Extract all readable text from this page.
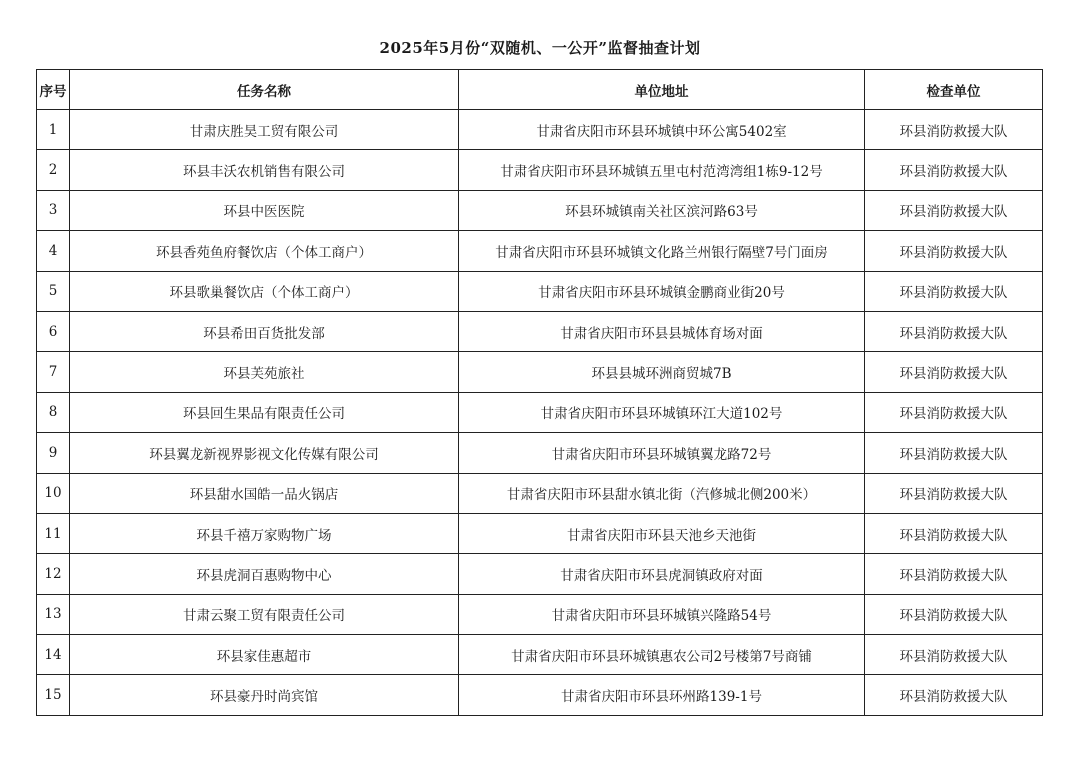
2025年5月份“双随机、一公开”监督抽查计划
序号	任务名称	单位地址	检查单位
1	甘肃庆胜昊工贸有限公司	甘肃省庆阳市环县环城镇中环公寓5402室	环县消防救援大队
2	环县丰沃农机销售有限公司	甘肃省庆阳市环县环城镇五里屯村范湾湾组1栋9-12号	环县消防救援大队
3	环县中医医院	环县环城镇南关社区滨河路63号	环县消防救援大队
4	环县香苑鱼府餐饮店（个体工商户）	甘肃省庆阳市环县环城镇文化路兰州银行隔壁7号门面房	环县消防救援大队
5	环县歌巢餐饮店（个体工商户）	甘肃省庆阳市环县环城镇金鹏商业街20号	环县消防救援大队
6	环县希田百货批发部	甘肃省庆阳市环县县城体育场对面	环县消防救援大队
7	环县芙苑旅社	环县县城环洲商贸城7B	环县消防救援大队
8	环县回生果品有限责任公司	甘肃省庆阳市环县环城镇环江大道102号	环县消防救援大队
9	环县翼龙新视界影视文化传媒有限公司	甘肃省庆阳市环县环城镇翼龙路72号	环县消防救援大队
10	环县甜水国皓一品火锅店	甘肃省庆阳市环县甜水镇北街（汽修城北侧200米）	环县消防救援大队
11	环县千禧万家购物广场	甘肃省庆阳市环县天池乡天池街	环县消防救援大队
12	环县虎洞百惠购物中心	甘肃省庆阳市环县虎洞镇政府对面	环县消防救援大队
13	甘肃云聚工贸有限责任公司	甘肃省庆阳市环县环城镇兴隆路54号	环县消防救援大队
14	环县家佳惠超市	甘肃省庆阳市环县环城镇惠农公司2号楼第7号商铺	环县消防救援大队
15	环县豪丹时尚宾馆	甘肃省庆阳市环县环州路139-1号	环县消防救援大队
